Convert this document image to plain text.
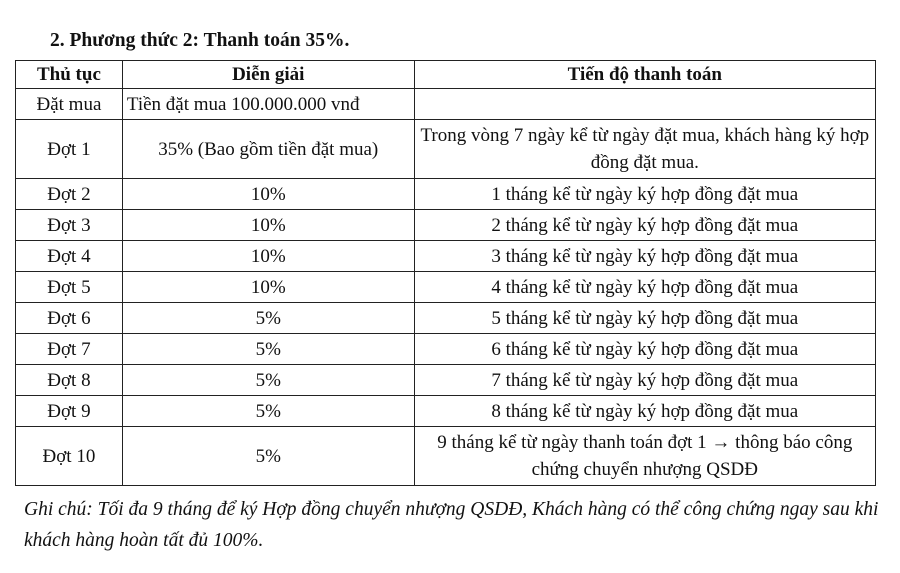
2. Phương thức 2: Thanh toán 35%.
Thủ tục	Diễn giải	Tiến độ thanh toán
Đặt mua	Tiền đặt mua 100.000.000 vnđ	
Đợt 1	35% (Bao gồm tiền đặt mua)	Trong vòng 7 ngày kể từ ngày đặt mua, khách hàng ký hợp đồng đặt mua.
Đợt 2	10%	1 tháng kể từ ngày ký hợp đồng đặt mua
Đợt 3	10%	2 tháng kể từ ngày ký hợp đồng đặt mua
Đợt 4	10%	3 tháng kể từ ngày ký hợp đồng đặt mua
Đợt 5	10%	4 tháng kể từ ngày ký hợp đồng đặt mua
Đợt 6	5%	5 tháng kể từ ngày ký hợp đồng đặt mua
Đợt 7	5%	6 tháng kể từ ngày ký hợp đồng đặt mua
Đợt 8	5%	7 tháng kể từ ngày ký hợp đồng đặt mua
Đợt 9	5%	8 tháng kể từ ngày ký hợp đồng đặt mua
Đợt 10	5%	9 tháng kể từ ngày thanh toán đợt 1 → thông báo công chứng chuyển nhượng QSDĐ
Ghi chú: Tối đa 9 tháng để ký Hợp đồng chuyển nhượng QSDĐ, Khách hàng có thể công chứng ngay sau khi khách hàng hoàn tất đủ 100%.
